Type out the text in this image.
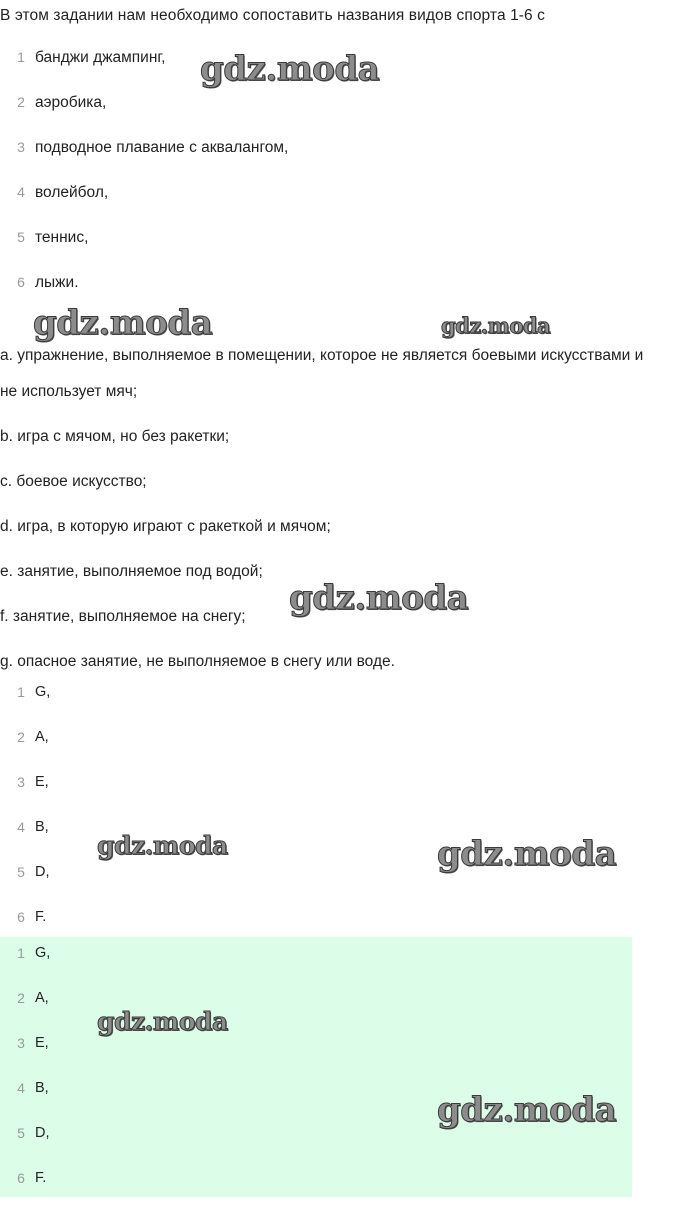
В этом задании нам необходимо сопоставить названия видов спорта 1-6 с
1 банджи джампинг,
2 аэробика,
3 подводное плавание с аквалангом,
4 волейбол,
5 теннис,
6 лыжи.

a. упражнение, выполняемое в помещении, которое не является боевыми искусствами и не использует мяч;

b. игра с мячом, но без ракетки;

c. боевое искусство;

d. игра, в которую играют с ракеткой и мячом;

e. занятие, выполняемое под водой;

f. занятие, выполняемое на снегу;

g. опасное занятие, не выполняемое в снегу или воде.

1 G,
2 A,
3 E,
4 B,
5 D,
6 F.
1 G,
2 A,
3 E,
4 B,
5 D,
6 F.
gdz.moda
gdz.moda	gdz.moda
gdz.moda
gdz.moda	gdz.moda
gdz.moda
gdz.moda
